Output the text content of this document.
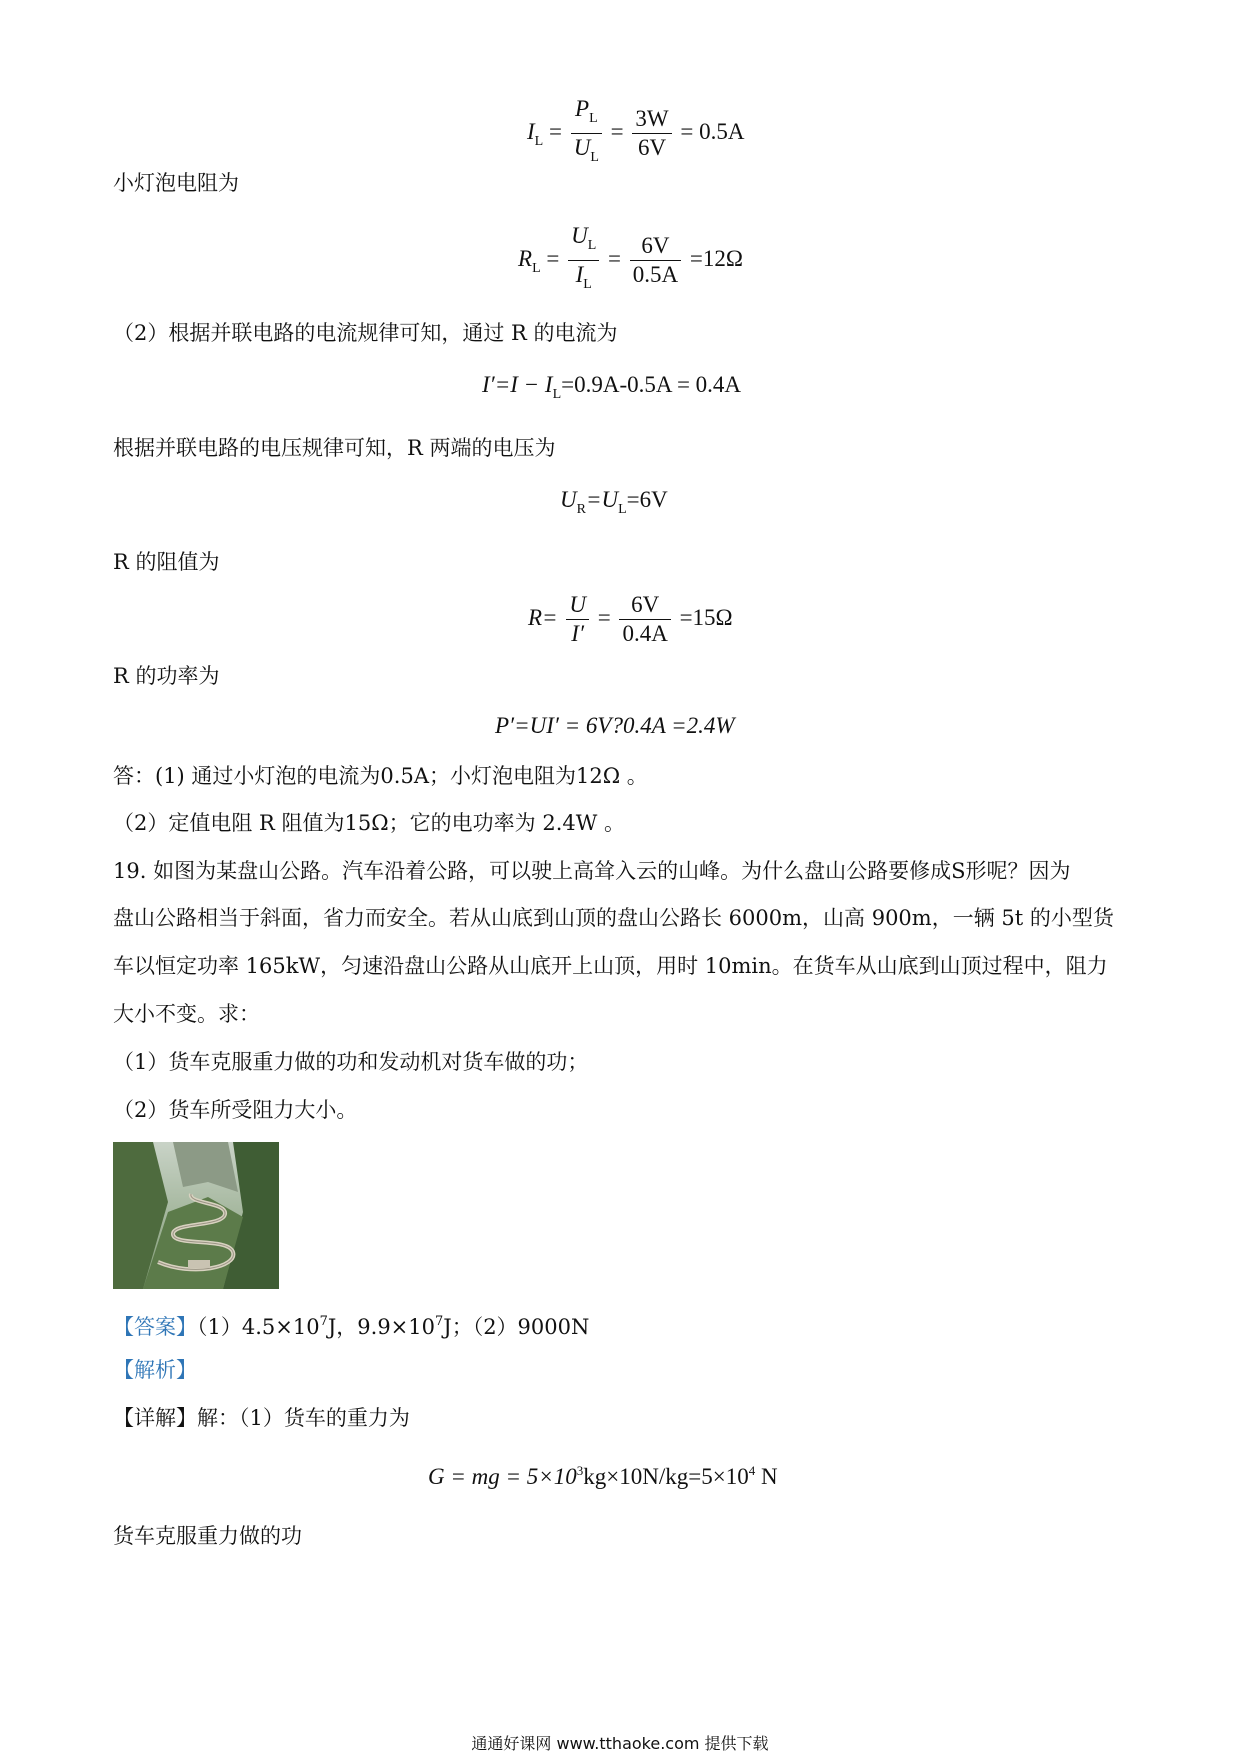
$I_L = \frac{P_L}{U_L} = \frac{3W}{6V} = 0.5A$
小灯泡电阻为
$R_L = \frac{U_L}{I_L} = \frac{6V}{0.5A} =12\Omega$
（2）根据并联电路的电流规律可知，通过 R 的电流为
$I'=I - I_L=0.9A-0.5A = 0.4A$
根据并联电路的电压规律可知，R 两端的电压为
$U_R=U_L=6V$
R 的阻值为
$R= \frac{U}{I'} = \frac{6V}{0.4A} =15\Omega$
R 的功率为
P′=UI′ = 6V?0.4A =2.4W
答：(1) 通过小灯泡的电流为0.5A；小灯泡电阻为12Ω 。
（2）定值电阻 R 阻值为15Ω；它的电功率为 2.4W 。
19. 如图为某盘山公路。汽车沿着公路，可以驶上高耸入云的山峰。为什么盘山公路要修成S形呢？因为
盘山公路相当于斜面，省力而安全。若从山底到山顶的盘山公路长 6000m，山高 900m，一辆 5t 的小型货
车以恒定功率 165kW，匀速沿盘山公路从山底开上山顶，用时 10min。在货车从山底到山顶过程中，阻力
大小不变。求：
（1）货车克服重力做的功和发动机对货车做的功；
（2）货车所受阻力大小。
【答案】$(1)4.5\times 10^7J$，$9.9\times 10^7J$；（2）9000N
【解析】
【详解】解：（1）货车的重力为
G = mg = $5\times 10^3kg\times 10N/kg=5\times 10^4$ N
货车克服重力做的功
通通好课网 www.tthaoke.com 提供下载
